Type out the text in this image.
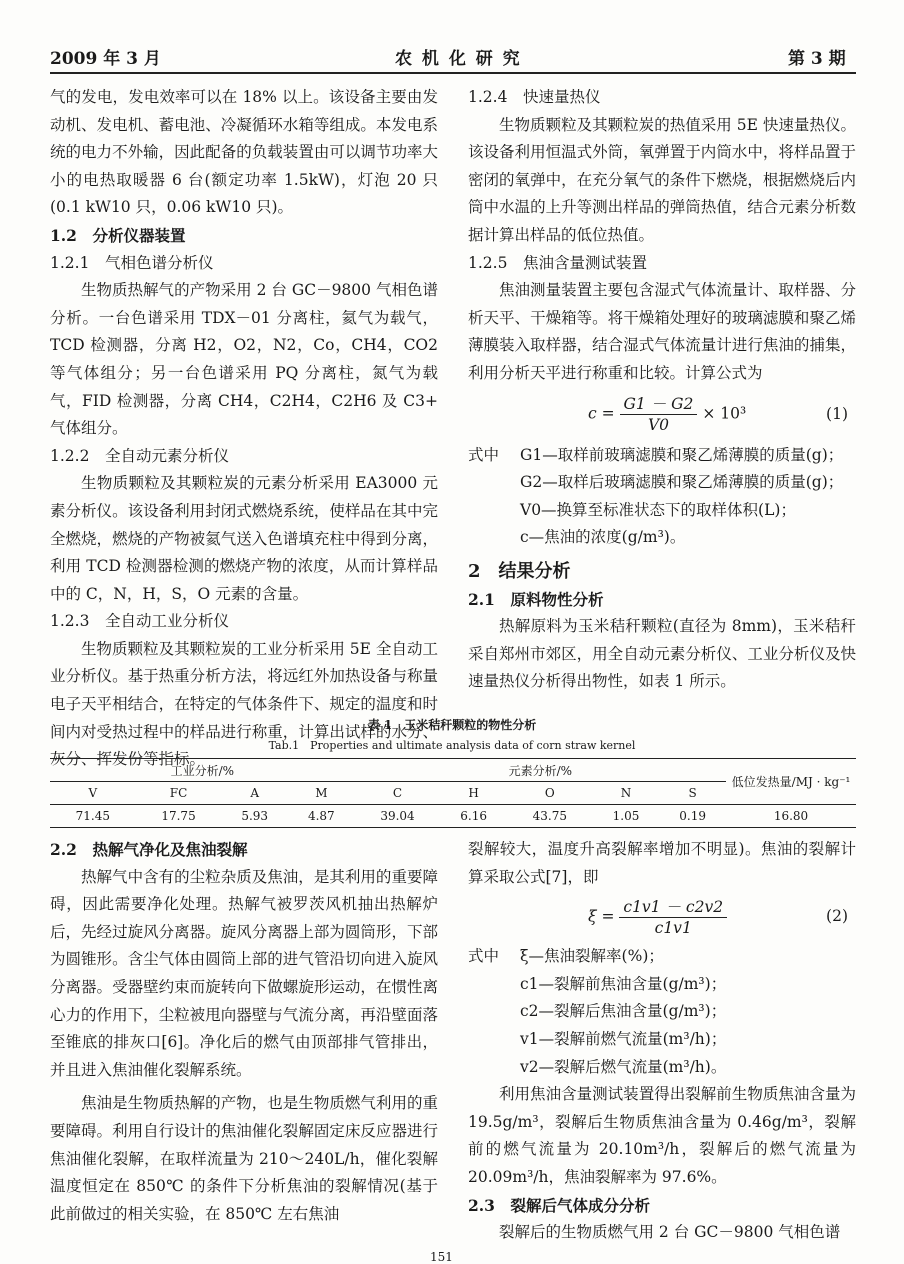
2009 年 3 月	农 机 化 研 究	第 3 期

气的发电，发电效率可以在 18% 以上。该设备主要由发动机、发电机、蓄电池、冷凝循环水箱等组成。本发电系统的电力不外输，因此配备的负载装置由可以调节功率大小的电热取暖器 6 台(额定功率 1.5kW)，灯泡 20 只(0.1 kW10 只，0.06 kW10 只)。

1.2　分析仪器装置

1.2.1　气相色谱分析仪

生物质热解气的产物采用 2 台 GC－9800 气相色谱分析。一台色谱采用 TDX－01 分离柱，氦气为载气，TCD 检测器，分离 H2，O2，N2，Co，CH4，CO2 等气体组分；另一台色谱采用 PQ 分离柱，氮气为载气，FID 检测器，分离 CH4，C2H4，C2H6 及 C3+ 气体组分。

1.2.2　全自动元素分析仪

生物质颗粒及其颗粒炭的元素分析采用 EA3000 元素分析仪。该设备利用封闭式燃烧系统，使样品在其中完全燃烧，燃烧的产物被氦气送入色谱填充柱中得到分离，利用 TCD 检测器检测的燃烧产物的浓度，从而计算样品中的 C，N，H，S，O 元素的含量。

1.2.3　全自动工业分析仪

生物质颗粒及其颗粒炭的工业分析采用 5E 全自动工业分析仪。基于热重分析方法，将远红外加热设备与称量电子天平相结合，在特定的气体条件下、规定的温度和时间内对受热过程中的样品进行称重，计算出试样的水分、灰分、挥发份等指标。

1.2.4　快速量热仪

生物质颗粒及其颗粒炭的热值采用 5E 快速量热仪。该设备利用恒温式外筒，氧弹置于内筒水中，将样品置于密闭的氧弹中，在充分氧气的条件下燃烧，根据燃烧后内筒中水温的上升等测出样品的弹筒热值，结合元素分析数据计算出样品的低位热值。

1.2.5　焦油含量测试装置

焦油测量装置主要包含湿式气体流量计、取样器、分析天平、干燥箱等。将干燥箱处理好的玻璃滤膜和聚乙烯薄膜装入取样器，结合湿式气体流量计进行焦油的捕集，利用分析天平进行称重和比较。计算公式为

$c = \frac{G1 - G2}{V0} \times 10^3$	(1)
式中	G1—取样前玻璃滤膜和聚乙烯薄膜的质量(g)；

G2—取样后玻璃滤膜和聚乙烯薄膜的质量(g)；

V0—换算至标准状态下的取样体积(L)；

c—焦油的浓度(g/m³)。

2　结果分析

2.1　原料物性分析

热解原料为玉米秸秆颗粒(直径为 8mm)，玉米秸秆采自郑州市郊区，用全自动元素分析仪、工业分析仪及快速量热仪分析得出物性，如表 1 所示。

表 1　玉米秸秆颗粒的物性分析
Tab.1　Properties and ultimate analysis data of corn straw kernel
工业分析/%				元素分析/%					低位发热量/MJ · kg⁻¹
V	FC	A	M	C	H	O	N	S	
71.45	17.75	5.93	4.87	39.04	6.16	43.75	1.05	0.19	16.80

2.2　热解气净化及焦油裂解

热解气中含有的尘粒杂质及焦油，是其利用的重要障碍，因此需要净化处理。热解气被罗茨风机抽出热解炉后，先经过旋风分离器。旋风分离器上部为圆筒形，下部为圆锥形。含尘气体由圆筒上部的进气管沿切向进入旋风分离器。受器壁约束而旋转向下做螺旋形运动，在惯性离心力的作用下，尘粒被甩向器壁与气流分离，再沿壁面落至锥底的排灰口[6]。净化后的燃气由顶部排气管排出，并且进入焦油催化裂解系统。

焦油是生物质热解的产物，也是生物质燃气利用的重要障碍。利用自行设计的焦油催化裂解固定床反应器进行焦油催化裂解，在取样流量为 210～240L/h，催化裂解温度恒定在 850℃ 的条件下分析焦油的裂解情况(基于此前做过的相关实验，在 850℃ 左右焦油

裂解较大，温度升高裂解率增加不明显)。焦油的裂解计算采取公式[7]，即

$\xi = \frac{c1v1 - c2v2}{c1v1}$	(2)
式中	ξ—焦油裂解率(%)；

c1—裂解前焦油含量(g/m³)；

c2—裂解后焦油含量(g/m³)；

v1—裂解前燃气流量(m³/h)；

v2—裂解后燃气流量(m³/h)。

利用焦油含量测试装置得出裂解前生物质焦油含量为 19.5g/m³，裂解后生物质焦油含量为 0.46g/m³，裂解前的燃气流量为 20.10m³/h，裂解后的燃气流量为 20.09m³/h，焦油裂解率为 97.6%。

2.3　裂解后气体成分分析

裂解后的生物质燃气用 2 台 GC－9800 气相色谱

151
